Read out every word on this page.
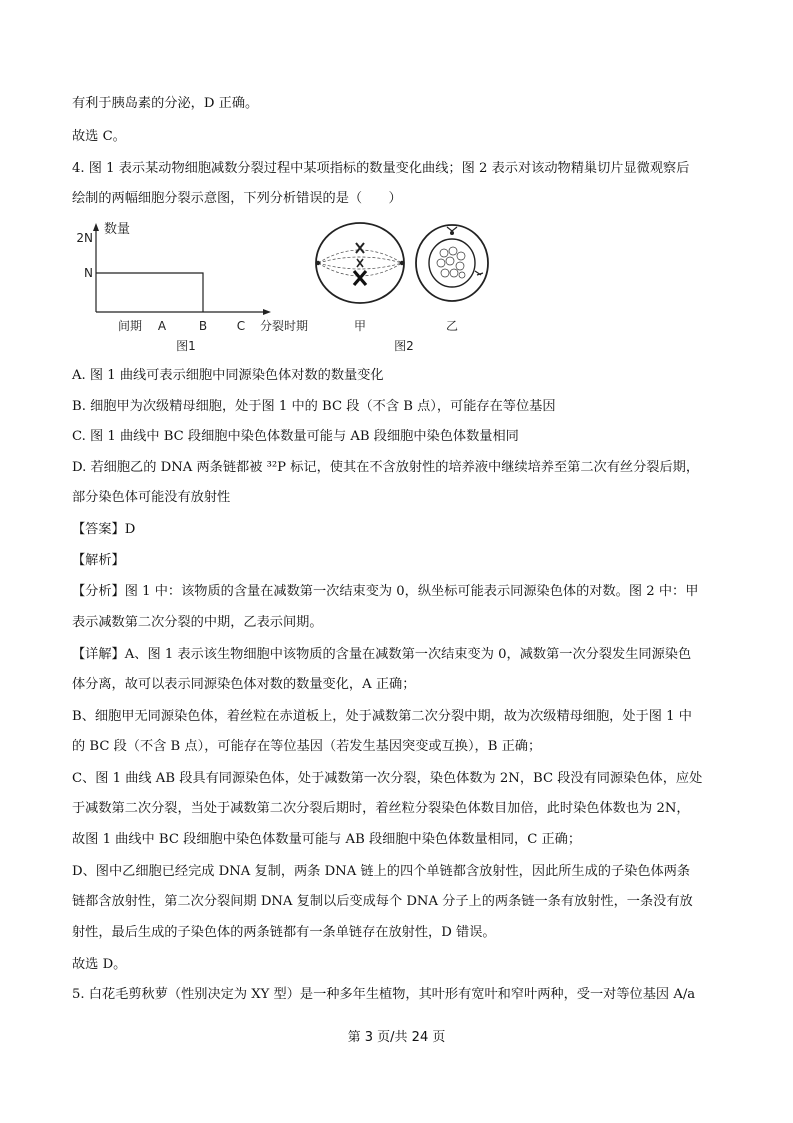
有利于胰岛素的分泌，D 正确。
故选 C。
4. 图 1 表示某动物细胞减数分裂过程中某项指标的数量变化曲线；图 2 表示对该动物精巢切片显微观察后
绘制的两幅细胞分裂示意图，下列分析错误的是（　　）
数量
2N
N
间期 A	B C 分裂时期
图1
甲	乙
图2
A. 图 1 曲线可表示细胞中同源染色体对数的数量变化
B. 细胞甲为次级精母细胞，处于图 1 中的 BC 段（不含 B 点），可能存在等位基因
C. 图 1 曲线中 BC 段细胞中染色体数量可能与 AB 段细胞中染色体数量相同
D. 若细胞乙的 DNA 两条链都被 ³²P 标记，使其在不含放射性的培养液中继续培养至第二次有丝分裂后期，
部分染色体可能没有放射性
【答案】D
【解析】
【分析】图 1 中：该物质的含量在减数第一次结束变为 0，纵坐标可能表示同源染色体的对数。图 2 中：甲
表示减数第二次分裂的中期，乙表示间期。
【详解】A、图 1 表示该生物细胞中该物质的含量在减数第一次结束变为 0，减数第一次分裂发生同源染色
体分离，故可以表示同源染色体对数的数量变化，A 正确；
B、细胞甲无同源染色体，着丝粒在赤道板上，处于减数第二次分裂中期，故为次级精母细胞，处于图 1 中
的 BC 段（不含 B 点），可能存在等位基因（若发生基因突变或互换），B 正确；
C、图 1 曲线 AB 段具有同源染色体，处于减数第一次分裂，染色体数为 2N，BC 段没有同源染色体，应处
于减数第二次分裂，当处于减数第二次分裂后期时，着丝粒分裂染色体数目加倍，此时染色体数也为 2N，
故图 1 曲线中 BC 段细胞中染色体数量可能与 AB 段细胞中染色体数量相同，C 正确；
D、图中乙细胞已经完成 DNA 复制，两条 DNA 链上的四个单链都含放射性，因此所生成的子染色体两条
链都含放射性，第二次分裂间期 DNA 复制以后变成每个 DNA 分子上的两条链一条有放射性，一条没有放
射性，最后生成的子染色体的两条链都有一条单链存在放射性，D 错误。
故选 D。
5. 白花毛剪秋萝（性别决定为 XY 型）是一种多年生植物，其叶形有宽叶和窄叶两种，受一对等位基因 A/a
第 3 页/共 24 页
